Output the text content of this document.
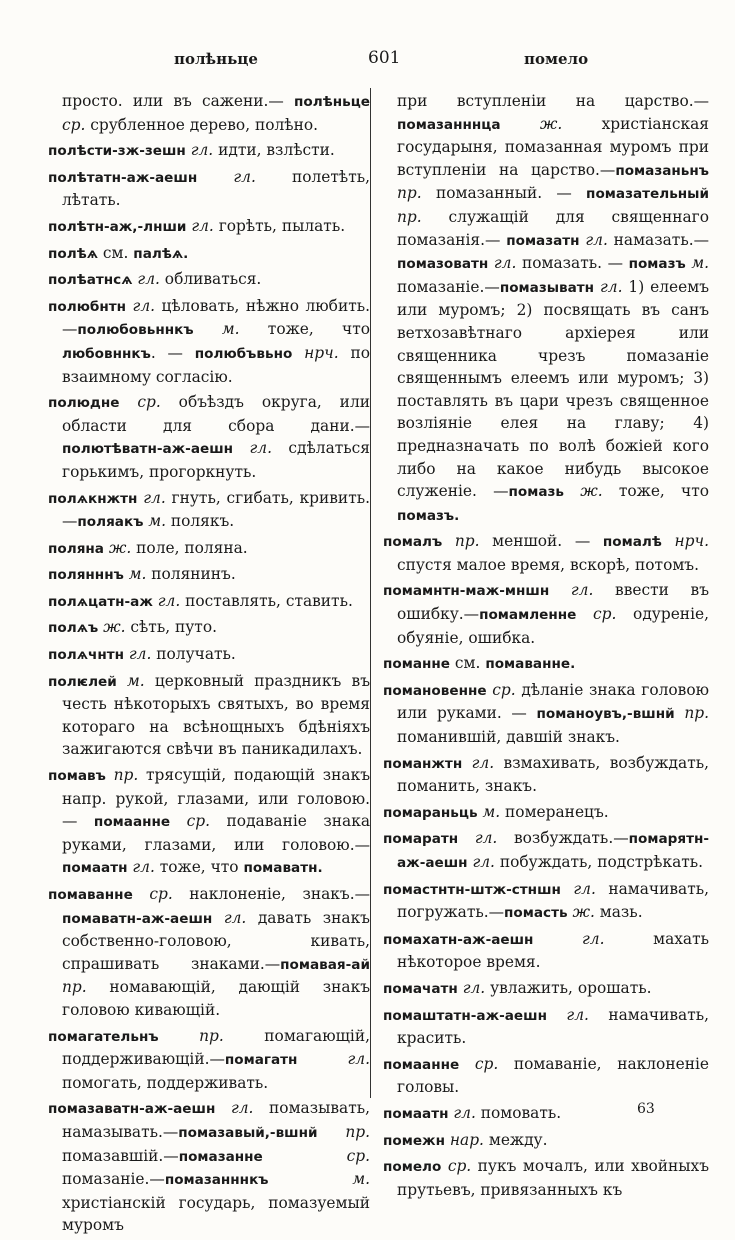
полѣньце	601	помело
просто. или въ сажени.— полѣньце ср. срубленное дерево, полѣно.
полѣсти-зж-зешн гл. идти, взлѣсти.
полѣтатн-аж-аешн гл. полетѣть, лѣтать.
полѣтн-аж,-лнши гл. горѣть, пылать.
полѣѧ см. палѣѧ.
полѣатнсѧ гл. обливаться.
полюбнтн гл. цѣловать, нѣжно любить.—полюбовьннкъ м. тоже, что любовннкъ. — полюбъвьно нрч. по взаимному согласію.
полюдне ср. объѣздъ округа, или области для сбора дани.—полютѣватн-аж-аешн гл. сдѣлаться горькимъ, прогоркнуть.
полѧкнжтн гл. гнуть, сгибать, кривить.—поляакъ м. полякъ.
поляна ж. поле, поляна.
полянннъ м. полянинъ.
полѧцатн-аж гл. поставлять, ставить.
полѧъ ж. сѣть, путо.
полѧчнтн гл. получать.
полѥлей м. церковный праздникъ въ честь нѣкоторыхъ святыхъ, во время котораго на всѣнощныхъ бдѣніяхъ зажигаются свѣчи въ паникадилахъ.
помавъ пр. трясущій, подающій знакъ напр. рукой, глазами, или головою. — помаанне ср. подаваніе знака руками, глазами, или головою.—помаатн гл. тоже, что помаватн.
помаванне ср. наклоненіе, знакъ.—помаватн-аж-аешн гл. давать знакъ собственно-головою, кивать, спрашивать знаками.—помавая-ай пр. номавающій, дающій знакъ головою кивающій.
помагательнъ	пр. помагающій, поддерживающій.—помагатн	гл. помогать, поддерживать.
помазаватн-аж-аешн гл. помазывать, намазывать.—помазавый,-вшнй пр. помазавшій.—помазанне	ср. помазаніе.—помазанннкъ	м. христіанскій государь, помазуемый муромъ
при вступленіи на царство.—помазанннца	ж. христіанская государыня, помазанная муромъ при вступленіи на царство.—помазаньнъ пр. помазанный. — помазательный пр. служащій для священнаго помазанія.— помазатн гл. намазать.—помазоватн гл. помазать. — помазъ м. помазаніе.—помазыватн гл. 1) елеемъ или муромъ; 2) посвящать въ санъ ветхозавѣтнаго архіерея или священника чрезъ помазаніе священнымъ елеемъ или муромъ; 3) поставлять въ цари чрезъ священное возліяніе елея на главу; 4) предназначать по волѣ божіей кого либо на какое нибудь высокое служеніе. —помазь ж. тоже, что помазъ.
помалъ пр. меншой. — помалѣ нрч. спустя малое время, вскорѣ, потомъ.
помамнтн-маж-мншн гл. ввести въ ошибку.—помамленне ср. одуреніе, обуяніе, ошибка.
поманне см. помаванне.
помановенне ср. дѣланіе знака головою или руками. — поманоувъ,-вшнй пр. поманившій, давшій знакъ.
поманжтн гл. взмахивать, возбуждать, поманить, знакъ.
помараньць м. померанецъ.
помаратн гл. возбуждать.—помарятн-аж-аешн гл. побуждать, подстрѣкать.
помастнтн-штж-стншн гл. намачивать, погружать.—помасть ж. мазь.
помахатн-аж-аешн	гл. махать нѣкоторое время.
помачатн гл. увлажить, орошать.
помаштатн-аж-аешн гл. намачивать, красить.
помаанне ср. помаваніе, наклоненіе головы.
помаатн гл. помовать.
помежн нар. между.
помело ср. пукъ мочалъ, или хвойныхъ прутьевъ, привязанныхъ къ
63
